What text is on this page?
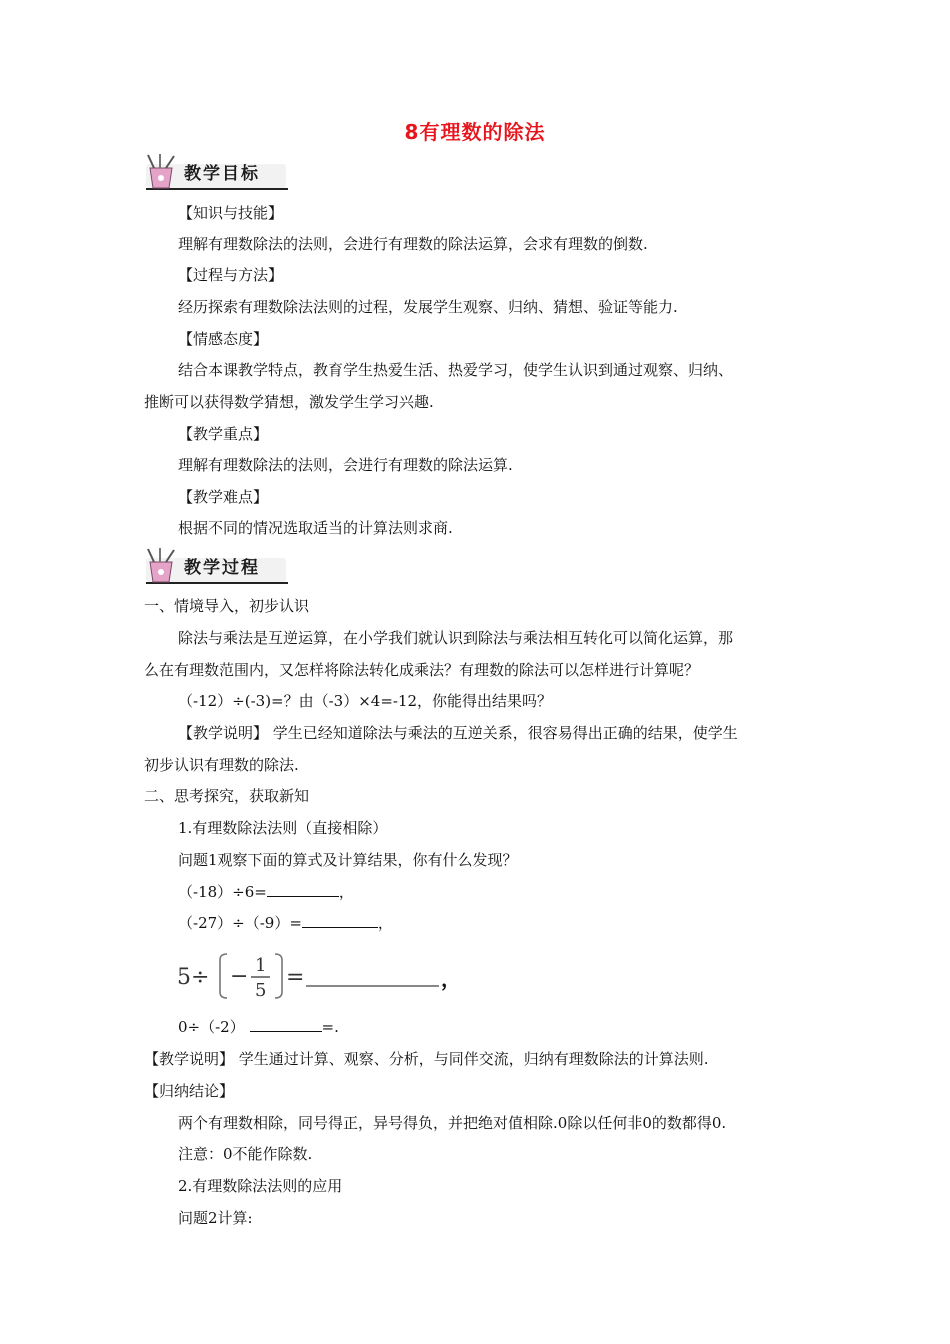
8有理数的除法
教学目标
【知识与技能】
理解有理数除法的法则，会进行有理数的除法运算，会求有理数的倒数.
【过程与方法】
经历探索有理数除法法则的过程，发展学生观察、归纳、猜想、验证等能力.
【情感态度】
结合本课教学特点，教育学生热爱生活、热爱学习，使学生认识到通过观察、归纳、
推断可以获得数学猜想，激发学生学习兴趣.
【教学重点】
理解有理数除法的法则，会进行有理数的除法运算.
【教学难点】
根据不同的情况选取适当的计算法则求商.
教学过程
一、情境导入，初步认识
除法与乘法是互逆运算，在小学我们就认识到除法与乘法相互转化可以简化运算，那
么在有理数范围内，又怎样将除法转化成乘法？有理数的除法可以怎样进行计算呢？
（-12）÷(-3)=？由（-3）×4=-12，你能得出结果吗？
【教学说明】 学生已经知道除法与乘法的互逆关系，很容易得出正确的结果，使学生
初步认识有理数的除法.
二、思考探究，获取新知
1.有理数除法法则（直接相除）
问题1观察下面的算式及计算结果，你有什么发现？
（-18）÷6=	，
（-27）÷（-9）=	，
5÷ − 1
5
=	，
0÷（-2）	=.
【教学说明】 学生通过计算、观察、分析，与同伴交流，归纳有理数除法的计算法则.
【归纳结论】
两个有理数相除，同号得正，异号得负，并把绝对值相除.0除以任何非0的数都得0.
注意：0不能作除数.
2.有理数除法法则的应用
问题2计算:
